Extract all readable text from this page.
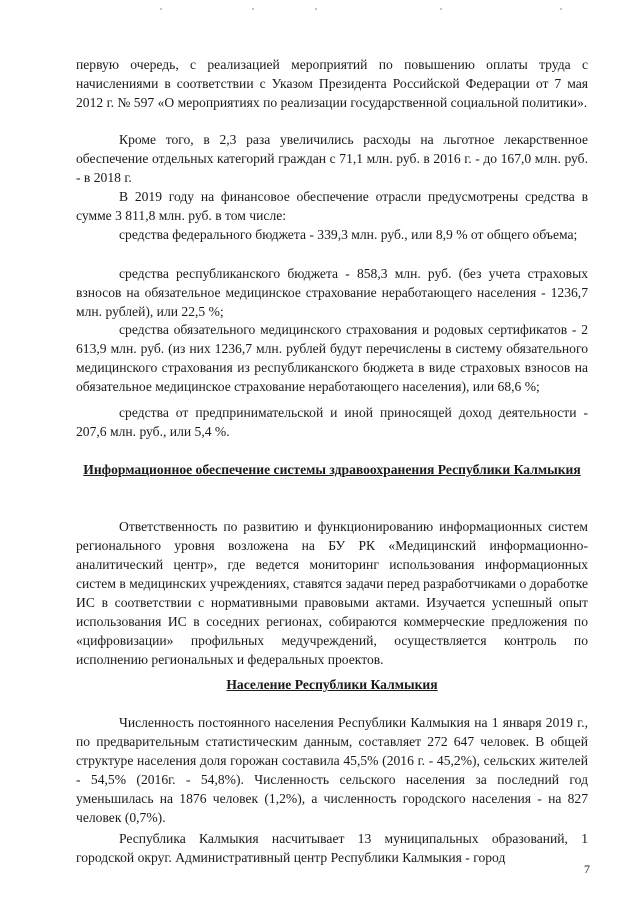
первую очередь, с реализацией мероприятий по повышению оплаты труда с начислениями в соответствии с Указом Президента Российской Федерации от 7 мая 2012 г. № 597 «О мероприятиях по реализации государственной социальной политики».

Кроме того, в 2,3 раза увеличились расходы на льготное лекарственное обеспечение отдельных категорий граждан с 71,1 млн. руб. в 2016 г. - до 167,0 млн. руб. - в 2018 г.

В 2019 году на финансовое обеспечение отрасли предусмотрены средства в сумме 3 811,8 млн. руб. в том числе:

средства федерального бюджета - 339,3 млн. руб., или 8,9 % от общего объема;

средства республиканского бюджета - 858,3 млн. руб. (без учета страховых взносов на обязательное медицинское страхование неработающего населения - 1236,7 млн. рублей), или 22,5 %;

средства обязательного медицинского страхования и родовых сертификатов - 2 613,9 млн. руб. (из них 1236,7 млн. рублей будут перечислены в систему обязательного медицинского страхования из республиканского бюджета в виде страховых взносов на обязательное медицинское страхование неработающего населения), или 68,6 %;

средства от предпринимательской и иной приносящей доход деятельности - 207,6 млн. руб., или 5,4 %.

Информационное обеспечение системы здравоохранения Республики Калмыкия

Ответственность по развитию и функционированию информационных систем регионального уровня возложена на БУ РК «Медицинский информационно-аналитический центр», где ведется мониторинг использования информационных систем в медицинских учреждениях, ставятся задачи перед разработчиками о доработке ИС в соответствии с нормативными правовыми актами. Изучается успешный опыт использования ИС в соседних регионах, собираются коммерческие предложения по «цифровизации» профильных медучреждений, осуществляется контроль по исполнению региональных и федеральных проектов.

Население Республики Калмыкия

Численность постоянного населения Республики Калмыкия на 1 января 2019 г., по предварительным статистическим данным, составляет 272 647 человек. В общей структуре населения доля горожан составила 45,5% (2016 г. - 45,2%), сельских жителей - 54,5% (2016г. - 54,8%). Численность сельского населения за последний год уменьшилась на 1876 человек (1,2%), а численность городского населения - на 827 человек (0,7%).

Республика Калмыкия насчитывает 13 муниципальных образований, 1 городской округ. Административный центр Республики Калмыкия - город

7
